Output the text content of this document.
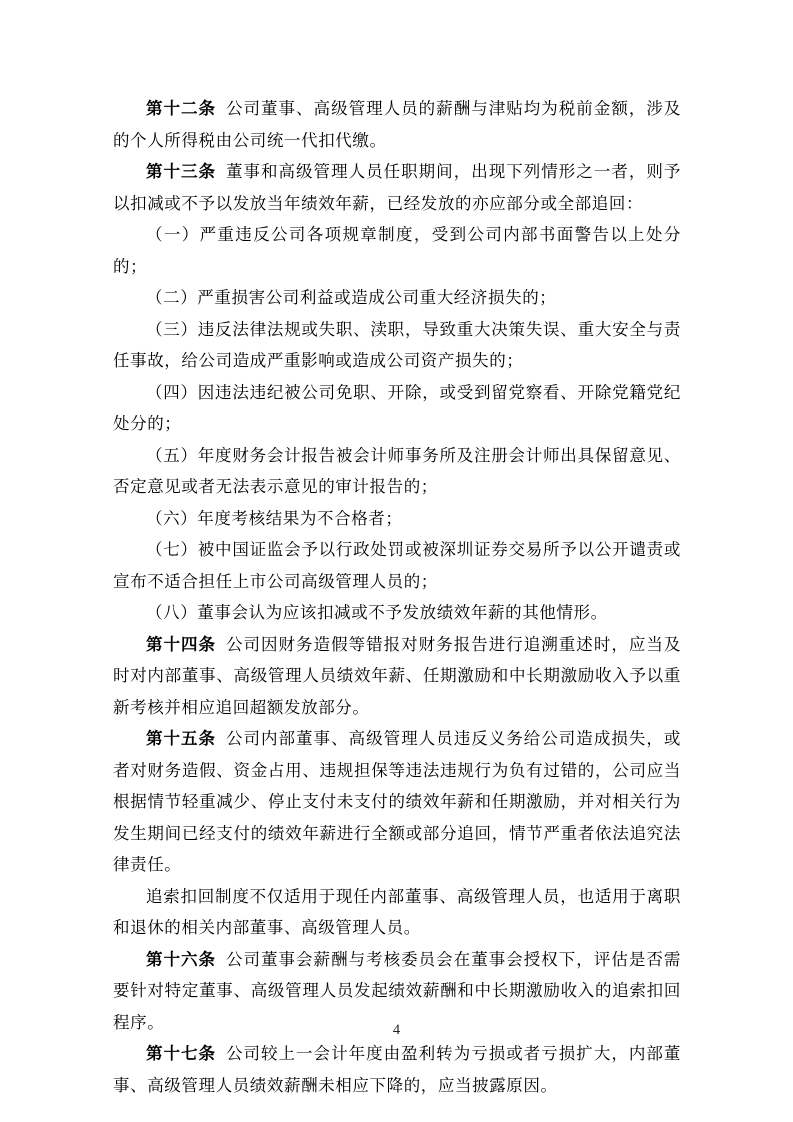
第十二条 公司董事、高级管理人员的薪酬与津贴均为税前金额，涉及的个人所得税由公司统一代扣代缴。

第十三条 董事和高级管理人员任职期间，出现下列情形之一者，则予以扣减或不予以发放当年绩效年薪，已经发放的亦应部分或全部追回：

（一）严重违反公司各项规章制度，受到公司内部书面警告以上处分的；

（二）严重损害公司利益或造成公司重大经济损失的；

（三）违反法律法规或失职、渎职，导致重大决策失误、重大安全与责任事故，给公司造成严重影响或造成公司资产损失的；

（四）因违法违纪被公司免职、开除，或受到留党察看、开除党籍党纪处分的；

（五）年度财务会计报告被会计师事务所及注册会计师出具保留意见、否定意见或者无法表示意见的审计报告的；

（六）年度考核结果为不合格者；

（七）被中国证监会予以行政处罚或被深圳证券交易所予以公开谴责或宣布不适合担任上市公司高级管理人员的；

（八）董事会认为应该扣减或不予发放绩效年薪的其他情形。

第十四条 公司因财务造假等错报对财务报告进行追溯重述时，应当及时对内部董事、高级管理人员绩效年薪、任期激励和中长期激励收入予以重新考核并相应追回超额发放部分。

第十五条 公司内部董事、高级管理人员违反义务给公司造成损失，或者对财务造假、资金占用、违规担保等违法违规行为负有过错的，公司应当根据情节轻重减少、停止支付未支付的绩效年薪和任期激励，并对相关行为发生期间已经支付的绩效年薪进行全额或部分追回，情节严重者依法追究法律责任。

追索扣回制度不仅适用于现任内部董事、高级管理人员，也适用于离职和退休的相关内部董事、高级管理人员。

第十六条 公司董事会薪酬与考核委员会在董事会授权下，评估是否需要针对特定董事、高级管理人员发起绩效薪酬和中长期激励收入的追索扣回程序。

第十七条 公司较上一会计年度由盈利转为亏损或者亏损扩大，内部董事、高级管理人员绩效薪酬未相应下降的，应当披露原因。

4
